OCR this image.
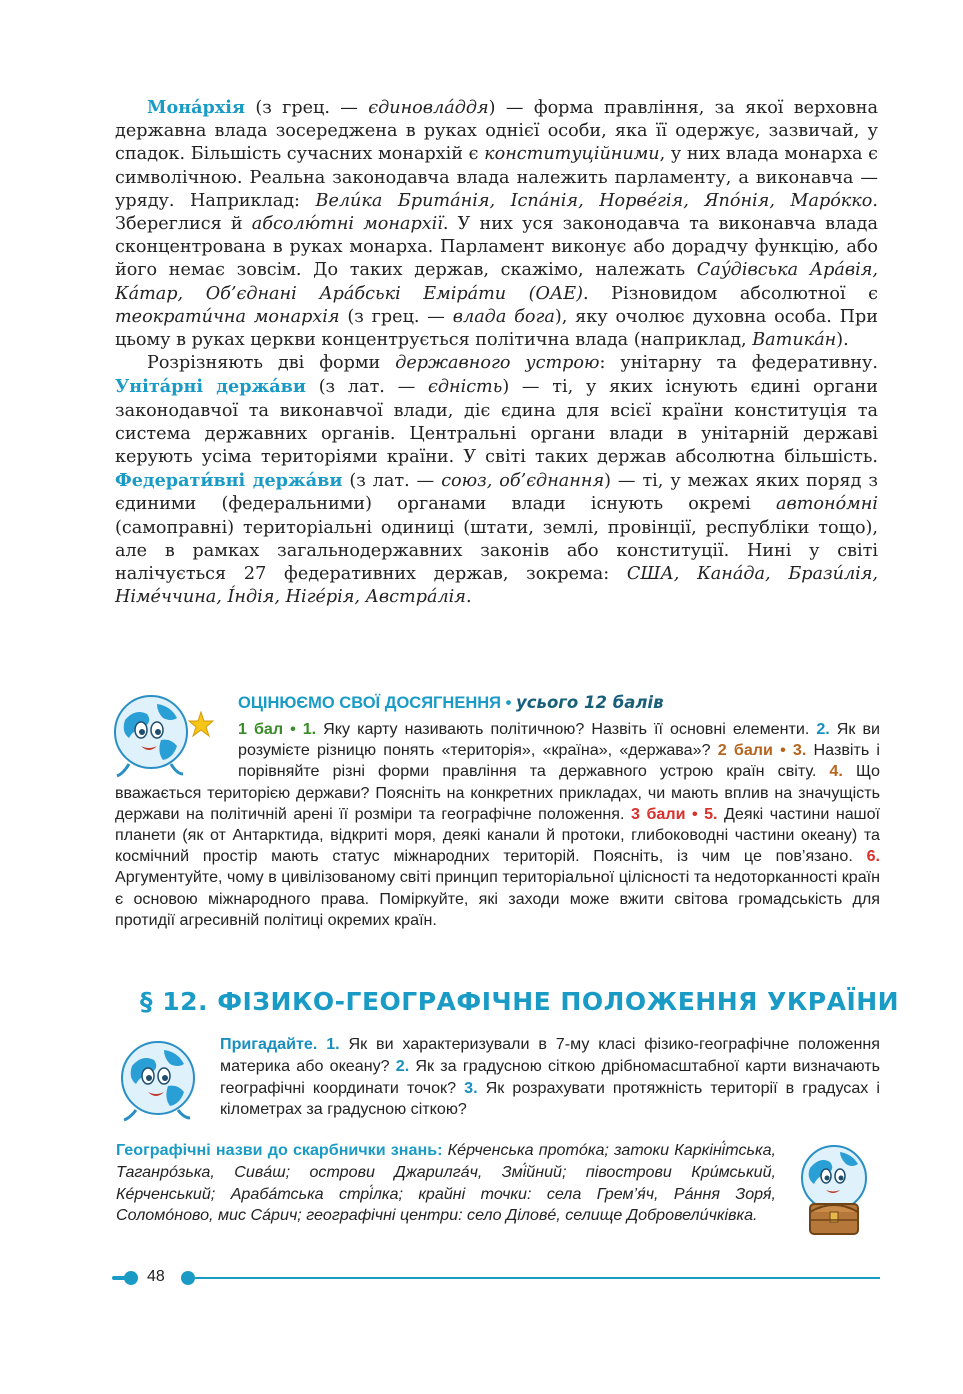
Монáрхія (з грец. — єдиновлáддя) — форма правління, за якої верховна державна влада зосереджена в руках однієї особи, яка її одержує, зазвичай, у спадок. Більшість сучасних монархій є конституційними, у них влада монарха є символічною. Реальна законодавча влада належить парламенту, а виконавча — уряду. Наприклад: Вели́ка Бритáнія, Іспáнія, Норвéгія, Япóнія, Марóкко. Збереглися й абсолю́тні монархії. У них уся законодавча та виконавча влада сконцентрована в руках монарха. Парламент виконує або дорадчу функцію, або його немає зовсім. До таких держав, скажімо, належать Саýдівська Арáвія, Кáтар, Об’єднані Арáбські Емірáти (ОАЕ). Різновидом абсолютної є теократи́чна монархія (з грец. — влада бога), яку очолює духовна особа. При цьому в руках церкви концентрується політична влада (наприклад, Ватикáн).

Розрізняють дві форми державного устрою: унітарну та федеративну. Унітáрні держáви (з лат. — єдність) — ті, у яких існують єдині органи законодавчої та виконавчої влади, діє єдина для всієї країни конституція та система державних органів. Центральні органи влади в унітарній державі керують усіма територіями країни. У світі таких держав абсолютна більшість. Федерати́вні держáви (з лат. — союз, об’єднання) — ті, у межах яких поряд з єдиними (федеральними) органами влади існують окремі автонóмні (самоправні) територіальні одиниці (штати, землі, провінції, республіки тощо), але в рамках загальнодержавних законів або конституції. Нині у світі налічується 27 федеративних держав, зокрема: США, Канáда, Брази́лія, Німéччина, Íндія, Нігéрія, Австрáлія.

ОЦІНЮЄМО СВОЇ ДОСЯГНЕННЯ • усього 12 балів
1 бал • 1. Яку карту називають політичною? Назвіть її основні елементи. 2. Як ви розумієте різницю понять «територія», «країна», «держава»? 2 бали • 3. Назвіть і порівняйте різні форми правління та державного устрою країн світу. 4. Що вважається територією держави? Поясніть на конкретних прикладах, чи мають вплив на значущість держави на політичній арені її розміри та географічне положення. 3 бали • 5. Деякі частини нашої планети (як от Антарктида, відкриті моря, деякі канали й протоки, глибоководні частини океану) та космічний простір мають статус міжнародних територій. Поясніть, із чим це пов’язано. 6. Аргументуйте, чому в цивілізованому світі принцип територіальної цілісності та недоторканності країн є основою міжнародного права. Поміркуйте, які заходи може вжити світова громадськість для протидії агресивній політиці окремих країн.
§ 12. ФІЗИКО-ГЕОГРАФІЧНЕ ПОЛОЖЕННЯ УКРАЇНИ
Пригадайте. 1. Як ви характеризували в 7-му класі фізико-географічне положення материка або океану? 2. Як за градусною сіткою дрібномасштабної карти визначають географічні координати точок? 3. Як розрахувати протяжність території в градусах і кілометрах за градусною сіткою?
Географічні назви до скарбнички знань: Кéрченська протóка; затоки Каркіні́тська, Таганрóзька, Сивáш; острови Джарилгáч, Змі́йний; півострови Кри́мський, Кéрченський; Арабáтська стрі́лка; крайні точки: села Грем’я́ч, Рáння Зоря́, Соломóново, мис Сáрич; географічні центри: село Діловé, селище Добровели́чківка.
48
